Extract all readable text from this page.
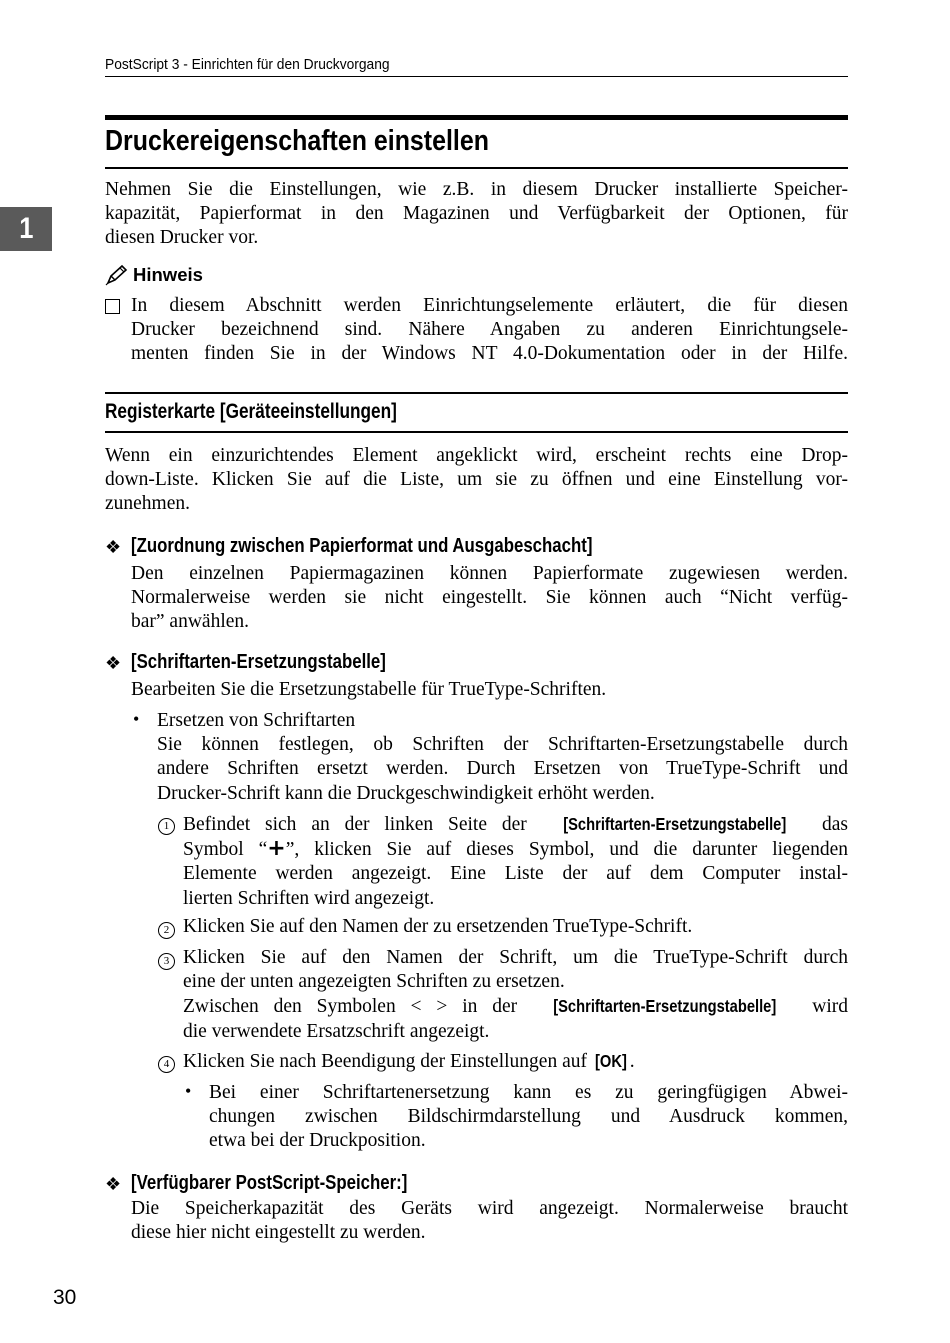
PostScript 3 - Einrichten für den Druckvorgang
1
Druckereigenschaften einstellen
Nehmen Sie die Einstellungen, wie z.B. in diesem Drucker installierte Speicher-
kapazität, Papierformat in den Magazinen und Verfügbarkeit der Optionen, für
diesen Drucker vor.
Hinweis
In diesem Abschnitt werden Einrichtungselemente erläutert, die für diesen
Drucker bezeichnend sind. Nähere Angaben zu anderen Einrichtungsele-
menten finden Sie in der Windows NT 4.0-Dokumentation oder in der Hilfe.
Registerkarte [Geräteeinstellungen]
Wenn ein einzurichtendes Element angeklickt wird, erscheint rechts eine Drop-
down-Liste. Klicken Sie auf die Liste, um sie zu öffnen und eine Einstellung vor-
zunehmen.
❖ [Zuordnung zwischen Papierformat und Ausgabeschacht]
Den einzelnen Papiermagazinen können Papierformate zugewiesen werden.
Normalerweise werden sie nicht eingestellt. Sie können auch “Nicht verfüg-
bar” anwählen.
❖ [Schriftarten-Ersetzungstabelle]
Bearbeiten Sie die Ersetzungstabelle für TrueType-Schriften.
• Ersetzen von Schriftarten
Sie können festlegen, ob Schriften der Schriftarten-Ersetzungstabelle durch
andere Schriften ersetzt werden. Durch Ersetzen von TrueType-Schrift und
Drucker-Schrift kann die Druckgeschwindigkeit erhöht werden.
1 Befindet sich an der linken Seite der [Schriftarten-Ersetzungstabelle] das
Symbol “+”, klicken Sie auf dieses Symbol, und die darunter liegenden
Elemente werden angezeigt. Eine Liste der auf dem Computer instal-
lierten Schriften wird angezeigt.
2 Klicken Sie auf den Namen der zu ersetzenden TrueType-Schrift.
3 Klicken Sie auf den Namen der Schrift, um die TrueType-Schrift durch
eine der unten angezeigten Schriften zu ersetzen.
Zwischen den Symbolen < > in der [Schriftarten-Ersetzungstabelle] wird
die verwendete Ersatzschrift angezeigt.
4 Klicken Sie nach Beendigung der Einstellungen auf [OK] .
• Bei einer Schriftartenersetzung kann es zu geringfügigen Abwei-
chungen zwischen Bildschirmdarstellung und Ausdruck kommen,
etwa bei der Druckposition.
❖ [Verfügbarer PostScript-Speicher:]
Die Speicherkapazität des Geräts wird angezeigt. Normalerweise braucht
diese hier nicht eingestellt zu werden.
30
